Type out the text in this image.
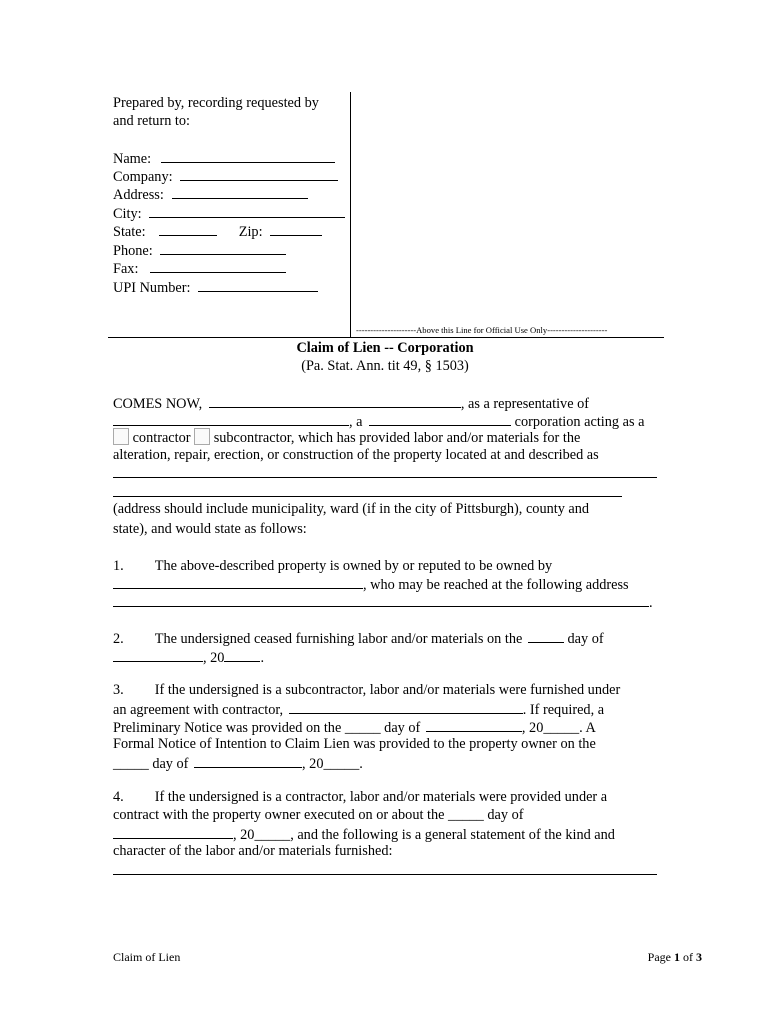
Prepared by, recording requested by
and return to:
Name:
Company:
Address:
City:
State:	Zip:
Phone:
Fax:
UPI Number:
---------------------Above this Line for Official Use Only---------------------
Claim of Lien -- Corporation
(Pa. Stat. Ann. tit 49, § 1503)
COMES NOW,	, as a representative of
, a	corporation acting as a
contractor subcontractor, which has provided labor and/or materials for the
alteration, repair, erection, or construction of the property located at and described as
(address should include municipality, ward (if in the city of Pittsburgh), county and
state), and would state as follows:
1. The above-described property is owned by or reputed to be owned by
, who may be reached at the following address
.
2. The undersigned ceased furnishing labor and/or materials on the	day of
, 20	.
3. If the undersigned is a subcontractor, labor and/or materials were furnished under
an agreement with contractor,	. If required, a
Preliminary Notice was provided on the _____ day of	, 20_____. A
Formal Notice of Intention to Claim Lien was provided to the property owner on the
_____ day of	, 20_____.
4. If the undersigned is a contractor, labor and/or materials were provided under a
contract with the property owner executed on or about the _____ day of
, 20_____, and the following is a general statement of the kind and
character of the labor and/or materials furnished:
Claim of Lien	Page 1 of 3
